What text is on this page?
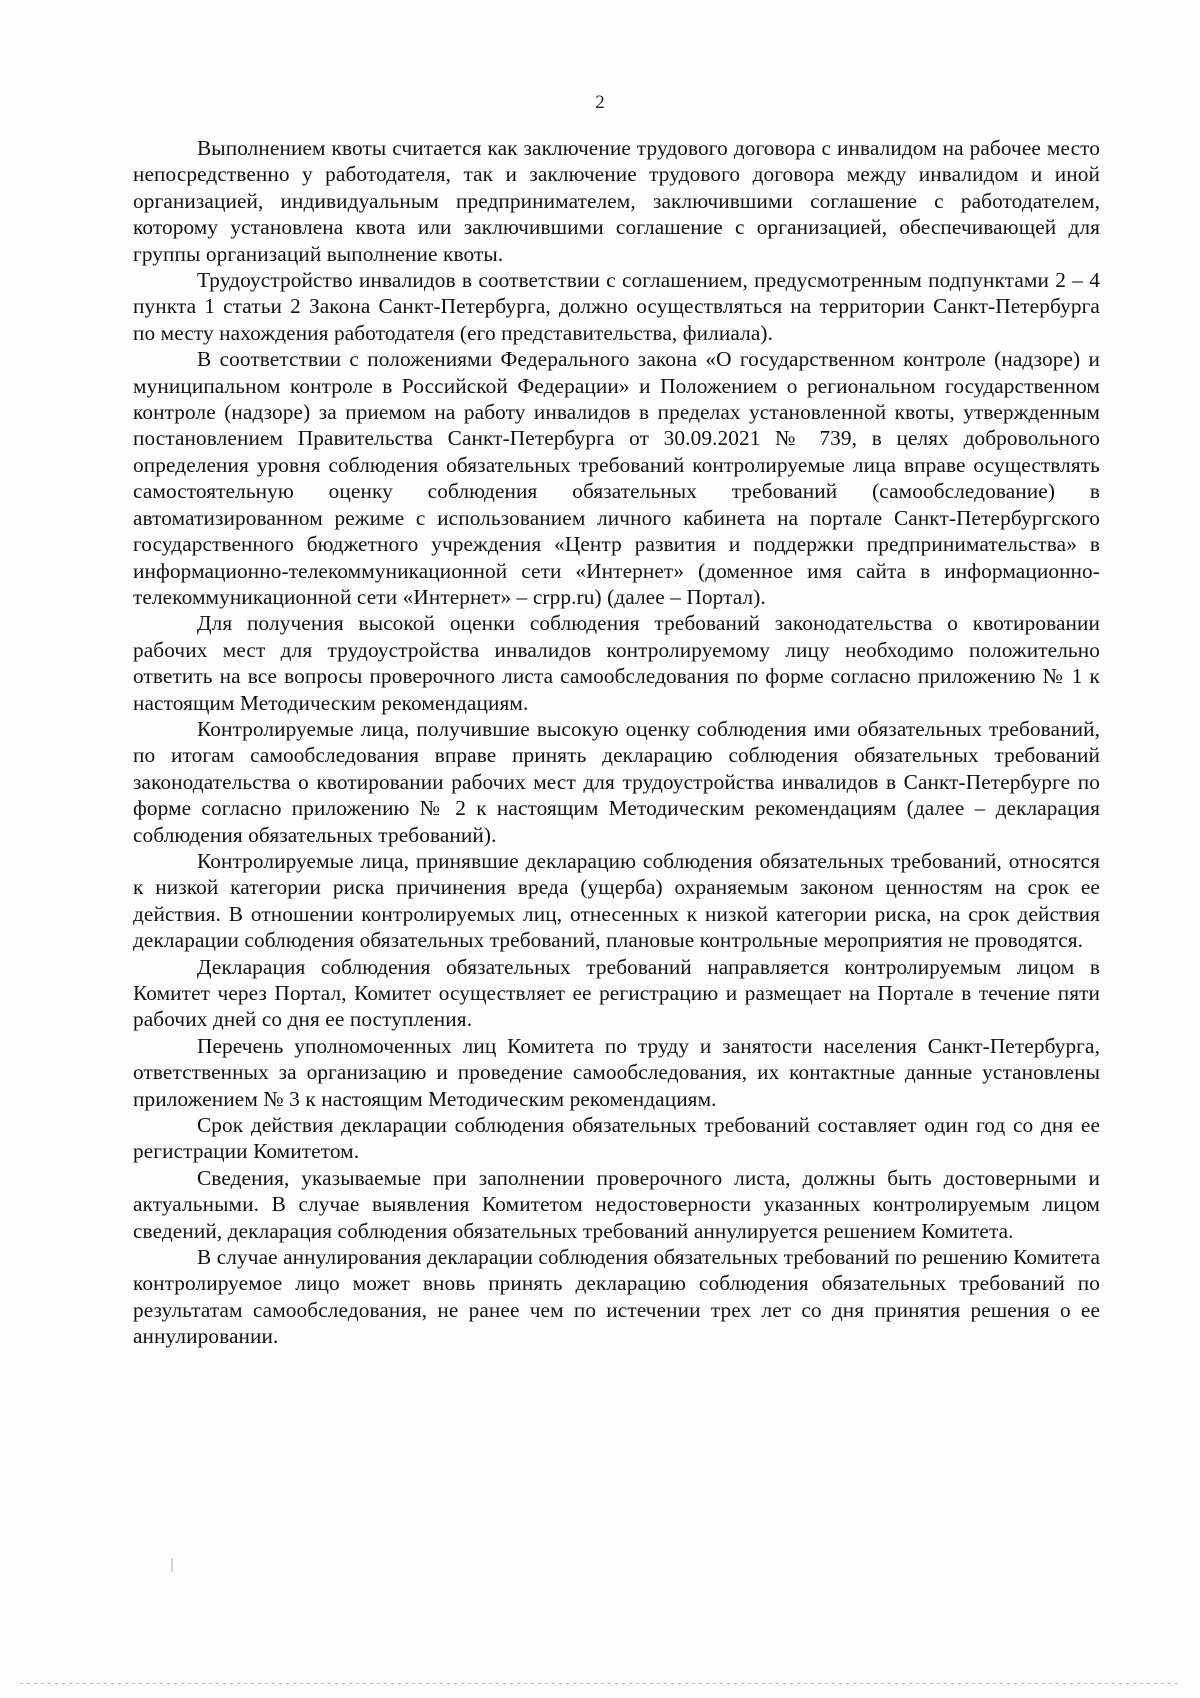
2

Выполнением квоты считается как заключение трудового договора с инвалидом на рабочее место непосредственно у работодателя, так и заключение трудового договора между инвалидом и иной организацией, индивидуальным предпринимателем, заключившими соглашение с работодателем, которому установлена квота или заключившими соглашение с организацией, обеспечивающей для группы организаций выполнение квоты.

Трудоустройство инвалидов в соответствии с соглашением, предусмотренным подпунктами 2 – 4 пункта 1 статьи 2 Закона Санкт-Петербурга, должно осуществляться на территории Санкт-Петербурга по месту нахождения работодателя (его представительства, филиала).

В соответствии с положениями Федерального закона «О государственном контроле (надзоре) и муниципальном контроле в Российской Федерации» и Положением о региональном государственном контроле (надзоре) за приемом на работу инвалидов в пределах установленной квоты, утвержденным постановлением Правительства Санкт-Петербурга от 30.09.2021 № 739, в целях добровольного определения уровня соблюдения обязательных требований контролируемые лица вправе осуществлять самостоятельную оценку соблюдения обязательных требований (самообследование) в автоматизированном режиме с использованием личного кабинета на портале Санкт-Петербургского государственного бюджетного учреждения «Центр развития и поддержки предпринимательства» в информационно-телекоммуникационной сети «Интернет» (доменное имя сайта в информационно-телекоммуникационной сети «Интернет» – crpp.ru) (далее – Портал).

Для получения высокой оценки соблюдения требований законодательства о квотировании рабочих мест для трудоустройства инвалидов контролируемому лицу необходимо положительно ответить на все вопросы проверочного листа самообследования по форме согласно приложению № 1 к настоящим Методическим рекомендациям.

Контролируемые лица, получившие высокую оценку соблюдения ими обязательных требований, по итогам самообследования вправе принять декларацию соблюдения обязательных требований законодательства о квотировании рабочих мест для трудоустройства инвалидов в Санкт-Петербурге по форме согласно приложению № 2 к настоящим Методическим рекомендациям (далее – декларация соблюдения обязательных требований).

Контролируемые лица, принявшие декларацию соблюдения обязательных требований, относятся к низкой категории риска причинения вреда (ущерба) охраняемым законом ценностям на срок ее действия. В отношении контролируемых лиц, отнесенных к низкой категории риска, на срок действия декларации соблюдения обязательных требований, плановые контрольные мероприятия не проводятся.

Декларация соблюдения обязательных требований направляется контролируемым лицом в Комитет через Портал, Комитет осуществляет ее регистрацию и размещает на Портале в течение пяти рабочих дней со дня ее поступления.

Перечень уполномоченных лиц Комитета по труду и занятости населения Санкт-Петербурга, ответственных за организацию и проведение самообследования, их контактные данные установлены приложением № 3 к настоящим Методическим рекомендациям.

Срок действия декларации соблюдения обязательных требований составляет один год со дня ее регистрации Комитетом.

Сведения, указываемые при заполнении проверочного листа, должны быть достоверными и актуальными. В случае выявления Комитетом недостоверности указанных контролируемым лицом сведений, декларация соблюдения обязательных требований аннулируется решением Комитета.

В случае аннулирования декларации соблюдения обязательных требований по решению Комитета контролируемое лицо может вновь принять декларацию соблюдения обязательных требований по результатам самообследования, не ранее чем по истечении трех лет со дня принятия решения о ее аннулировании.
